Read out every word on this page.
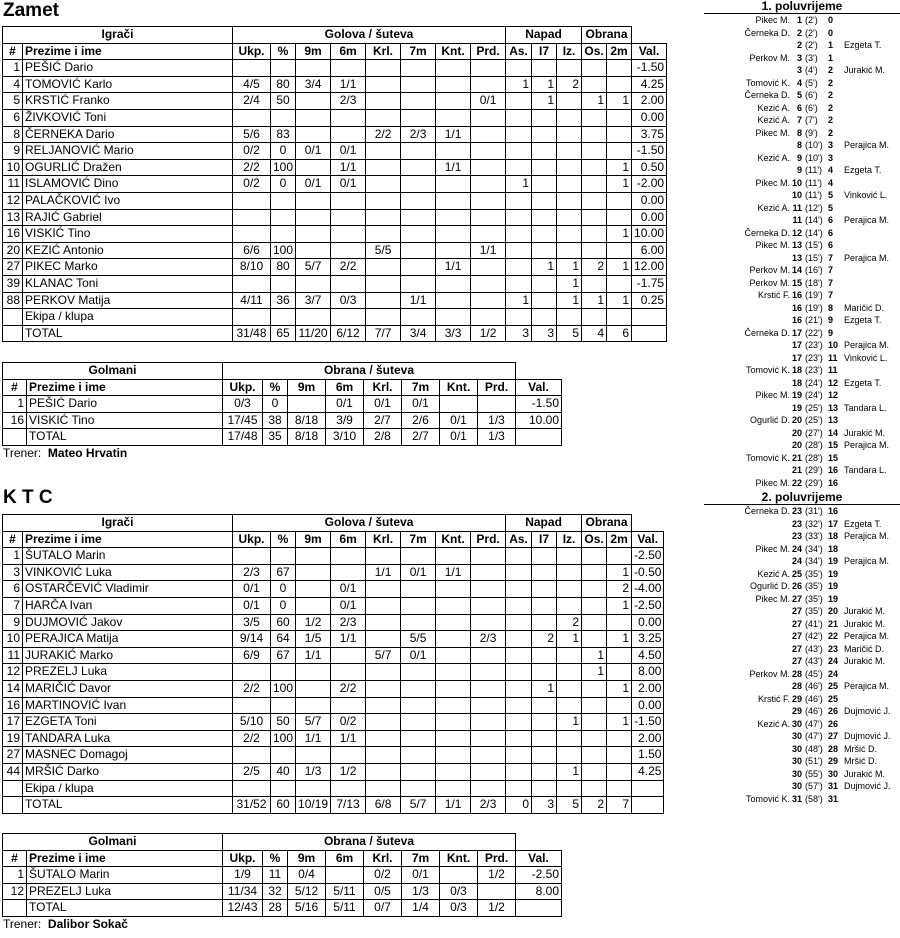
Zamet
Igrači		Golova / šuteva								Napad			Obrana		
#	Prezime i ime	Ukp.	%	9m	6m	Krl.	7m	Knt.	Prd.	As.	I7	Iz.	Os.	2m	Val.
1	PEŠIĆ Dario														-1.50
4	TOMOVIĆ Karlo	4/5	80	3/4	1/1					1	1	2			4.25
5	KRSTIĆ Franko	2/4	50		2/3				0/1		1		1	1	2.00
6	ŽIVKOVIĆ Toni														0.00
8	ČERNEKA Dario	5/6	83			2/2	2/3	1/1							3.75
9	RELJANOVIĆ Mario	0/2	0	0/1	0/1										-1.50
10	OGURLIĆ Dražen	2/2	100		1/1			1/1						1	0.50
11	ISLAMOVIĆ Dino	0/2	0	0/1	0/1					1				1	-2.00
12	PALAČKOVIĆ Ivo														0.00
13	RAJIĆ Gabriel														0.00
16	VISKIĆ Tino													1	10.00
20	KEZIĆ Antonio	6/6	100			5/5			1/1						6.00
27	PIKEC Marko	8/10	80	5/7	2/2			1/1			1	1	2	1	12.00
39	KLANAC Toni											1			-1.75
88	PERKOV Matija	4/11	36	3/7	0/3		1/1			1		1	1	1	0.25
	Ekipa / klupa														
	TOTAL	31/48	65	11/20	6/12	7/7	3/4	3/3	1/2	3	3	5	4	6	
Golmani		Obrana / šuteva								
#	Prezime i ime	Ukp.	%	9m	6m	Krl.	7m	Knt.	Prd.	Val.
1	PEŠIĆ Dario	0/3	0		0/1	0/1	0/1			-1.50
16	VISKIĆ Tino	17/45	38	8/18	3/9	2/7	2/6	0/1	1/3	10.00
	TOTAL	17/48	35	8/18	3/10	2/8	2/7	0/1	1/3	
Trener: Mateo Hrvatin
K T C
Igrači		Golova / šuteva								Napad			Obrana		
#	Prezime i ime	Ukp.	%	9m	6m	Krl.	7m	Knt.	Prd.	As.	I7	Iz.	Os.	2m	Val.
1	ŠUTALO Marin														-2.50
3	VINKOVIĆ Luka	2/3	67			1/1	0/1	1/1						1	-0.50
6	OSTARČEVIĆ Vladimir	0/1	0		0/1									2	-4.00
7	HARČA Ivan	0/1	0		0/1									1	-2.50
9	DUJMOVIĆ Jakov	3/5	60	1/2	2/3							2			0.00
10	PERAJICA Matija	9/14	64	1/5	1/1		5/5		2/3		2	1		1	3.25
11	JURAKIĆ Marko	6/9	67	1/1		5/7	0/1						1		4.50
12	PREZELJ Luka												1		8.00
14	MARIČIĆ Davor	2/2	100		2/2						1			1	2.00
16	MARTINOVIĆ Ivan														0.00
17	EZGETA Toni	5/10	50	5/7	0/2							1		1	-1.50
19	TANDARA Luka	2/2	100	1/1	1/1										2.00
27	MASNEC Domagoj														1.50
44	MRŠIĆ Darko	2/5	40	1/3	1/2							1			4.25
	Ekipa / klupa														
	TOTAL	31/52	60	10/19	7/13	6/8	5/7	1/1	2/3	0	3	5	2	7	
Golmani		Obrana / šuteva								
#	Prezime i ime	Ukp.	%	9m	6m	Krl.	7m	Knt.	Prd.	Val.
1	ŠUTALO Marin	1/9	11	0/4		0/2	0/1		1/2	-2.50
12	PREZELJ Luka	11/34	32	5/12	5/11	0/5	1/3	0/3		8.00
	TOTAL	12/43	28	5/16	5/11	0/7	1/4	0/3	1/2	
Trener: Dalibor Sokač
1. poluvrijeme
Pikec M. 1 (2') 0
Černeka D. 2 (2') 0
2 (2') 1 Ezgeta T.
Perkov M. 3 (3') 1
3 (4') 2 Jurakić M.
Tomović K. 4 (5') 2
Černeka D. 5 (6') 2
Kezić A. 6 (6') 2
Kezić A. 7 (7') 2
Pikec M. 8 (9') 2
8 (10') 3 Perajica M.
Kezić A. 9 (10') 3
9 (11') 4 Ezgeta T.
Pikec M. 10 (11') 4
10 (11') 5 Vinković L.
Kezić A. 11 (12') 5
11 (14') 6 Perajica M.
Černeka D. 12 (14') 6
Pikec M. 13 (15') 6
13 (15') 7 Perajica M.
Perkov M. 14 (16') 7
Perkov M. 15 (18') 7
Krstić F. 16 (19') 7
16 (19') 8 Maričić D.
16 (21') 9 Ezgeta T.
Černeka D. 17 (22') 9
17 (23') 10 Perajica M.
17 (23') 11 Vinković L.
Tomović K. 18 (23') 11
18 (24') 12 Ezgeta T.
Pikec M. 19 (24') 12
19 (25') 13 Tandara L.
Ogurlić D. 20 (25') 13
20 (27') 14 Jurakić M.
20 (28') 15 Perajica M.
Tomović K. 21 (28') 15
21 (29') 16 Tandara L.
Pikec M. 22 (29') 16
2. poluvrijeme
Černeka D. 23 (31') 16
23 (32') 17 Ezgeta T.
23 (33') 18 Perajica M.
Pikec M. 24 (34') 18
24 (34') 19 Perajica M.
Kezić A. 25 (35') 19
Ogurlić D. 26 (35') 19
Pikec M. 27 (35') 19
27 (35') 20 Jurakić M.
27 (41') 21 Jurakić M.
27 (42') 22 Perajica M.
27 (43') 23 Maričić D.
27 (43') 24 Jurakić M.
Perkov M. 28 (45') 24
28 (46') 25 Perajica M.
Krstić F. 29 (46') 25
29 (46') 26 Dujmović J.
Kezić A. 30 (47') 26
30 (47') 27 Dujmović J.
30 (48') 28 Mršić D.
30 (51') 29 Mršić D.
30 (55') 30 Jurakić M.
30 (57') 31 Dujmović J.
Tomović K. 31 (58') 31
